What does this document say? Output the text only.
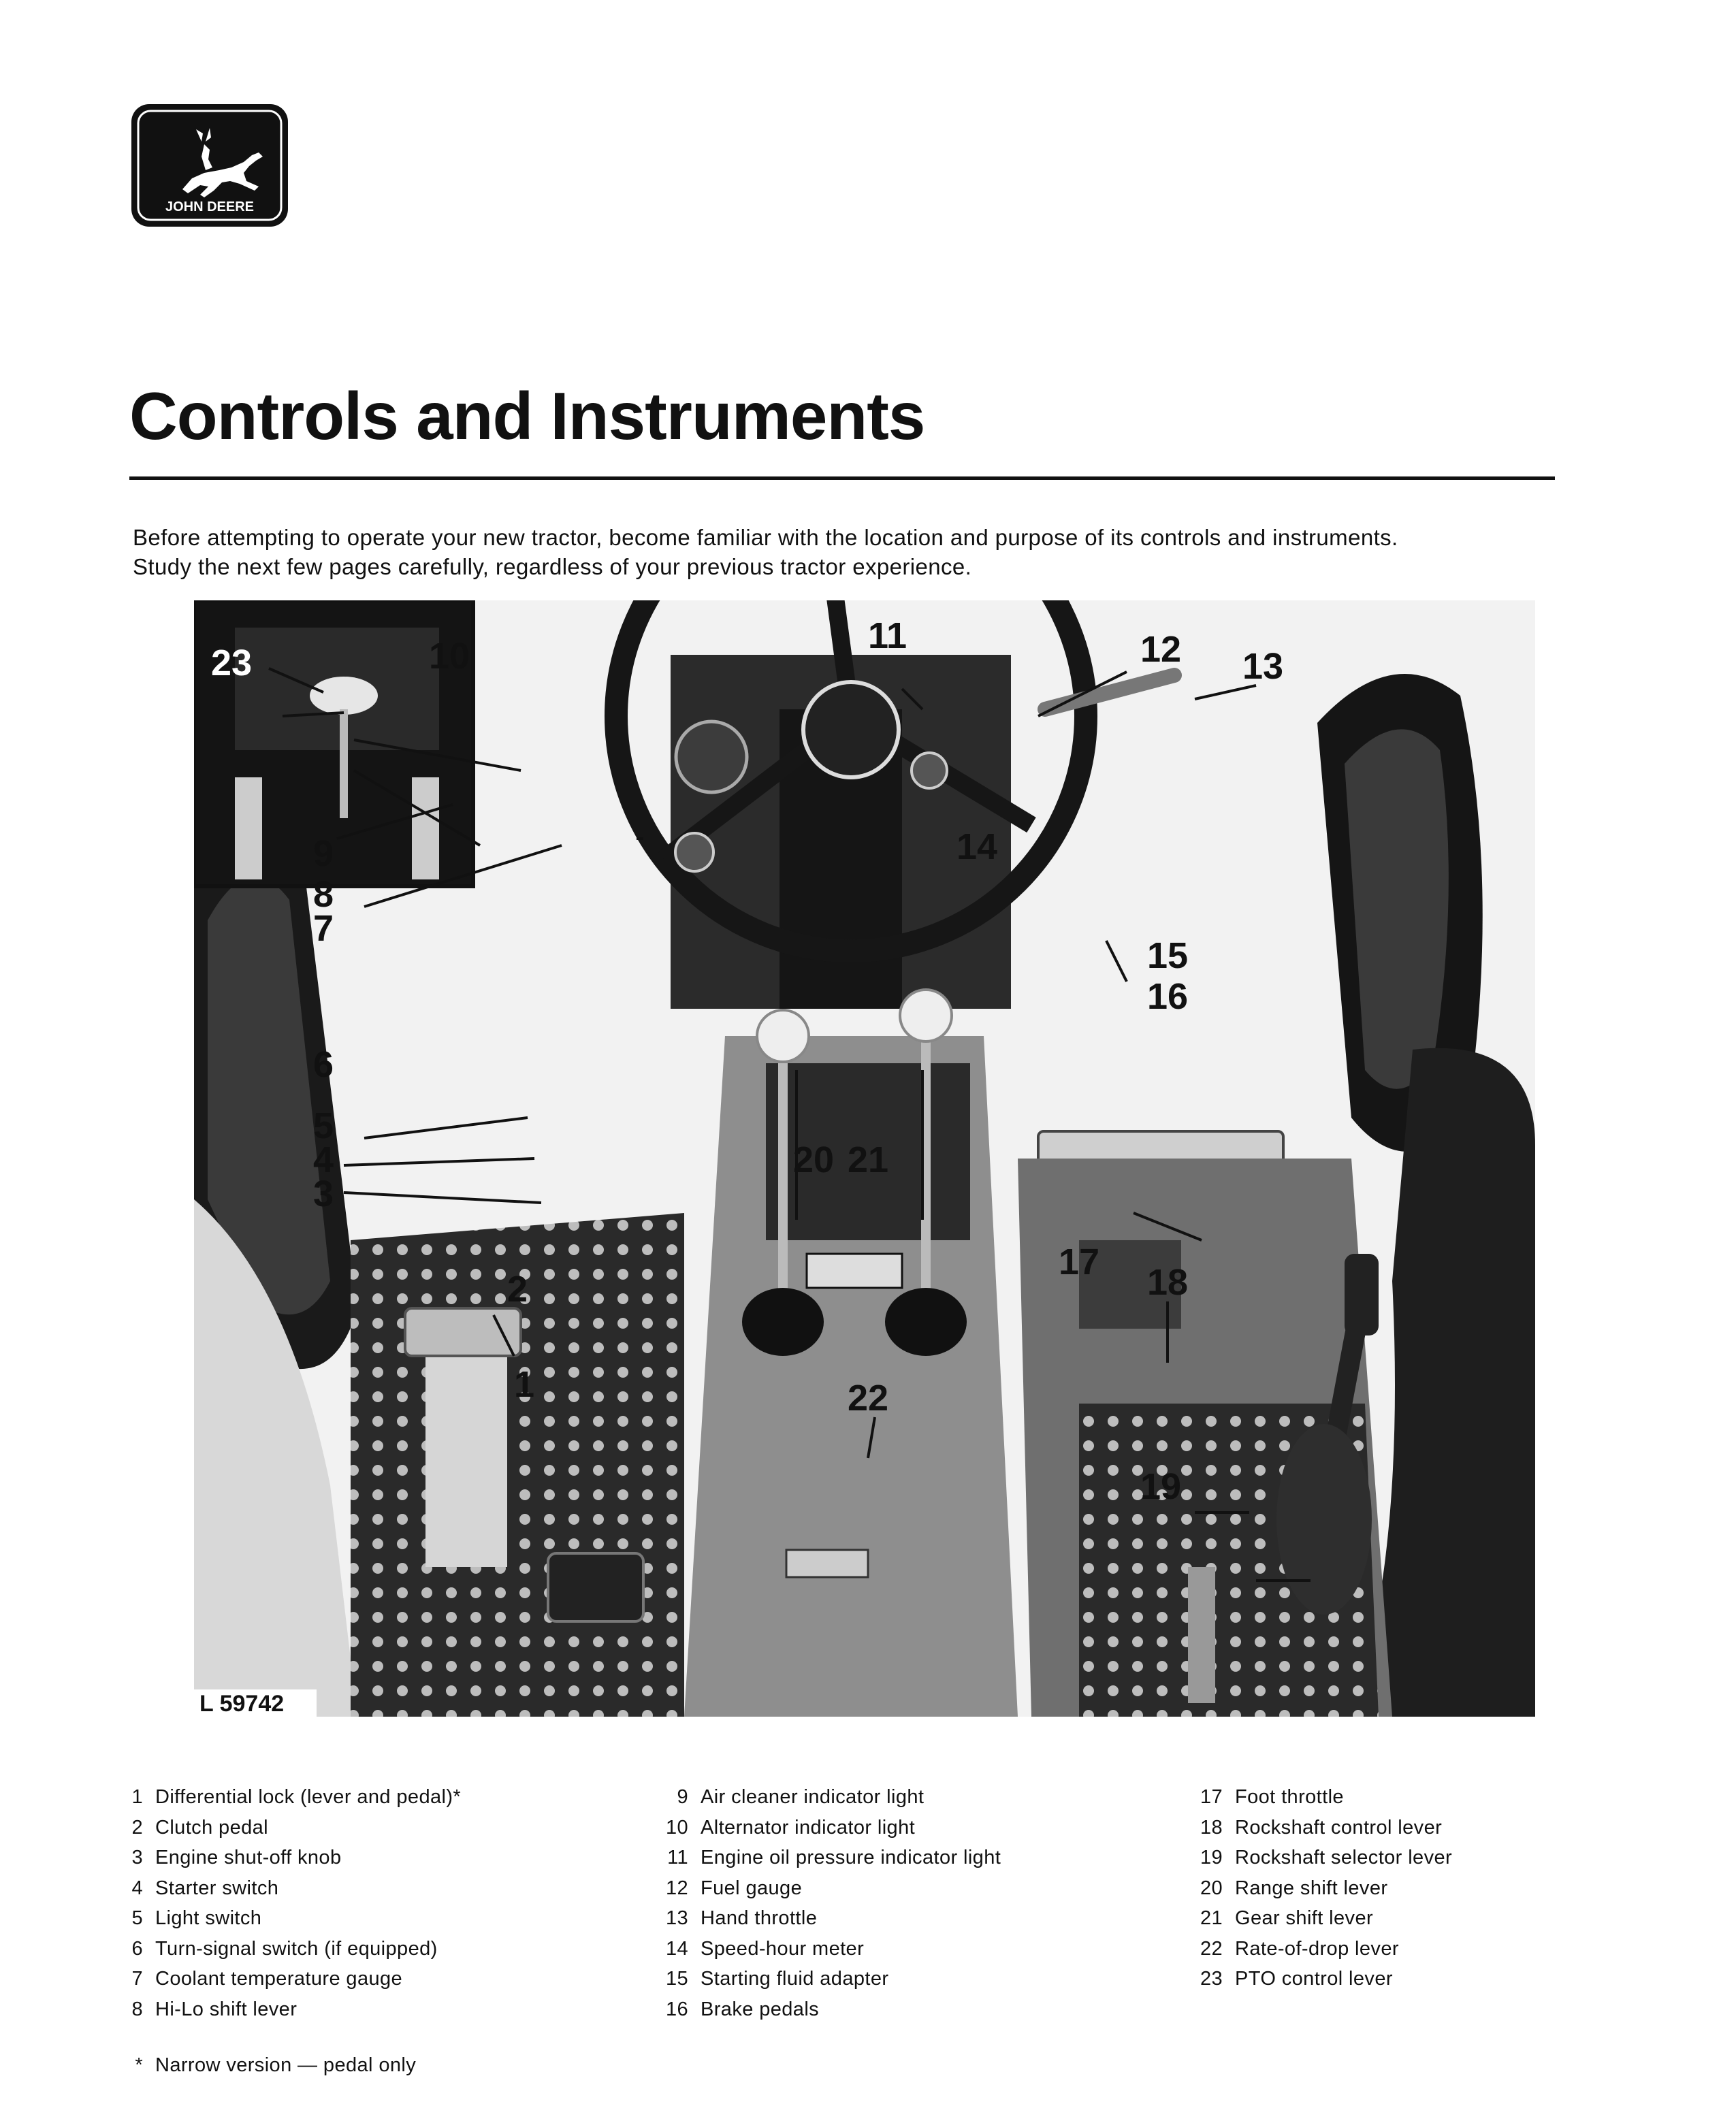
JOHN DEERE
Controls and Instruments

Before attempting to operate your new tractor, become familiar with the location and purpose of its controls and instruments.
Study the next few pages carefully, regardless of your previous tractor experience.

1
2
3
4
5
6
7
8
9
10	11	12 13
14
15
16
17 18
19
20 21
22
23
L 59742
1 Differential lock (lever and pedal)*
2 Clutch pedal
3 Engine shut-off knob
4 Starter switch
5 Light switch
6 Turn-signal switch (if equipped)
7 Coolant temperature gauge
8 Hi-Lo shift lever
9 Air cleaner indicator light
10 Alternator indicator light
11 Engine oil pressure indicator light
12 Fuel gauge
13 Hand throttle
14 Speed-hour meter
15 Starting fluid adapter
16 Brake pedals
17 Foot throttle
18 Rockshaft control lever
19 Rockshaft selector lever
20 Range shift lever
21 Gear shift lever
22 Rate-of-drop lever
23 PTO control lever
* Narrow version — pedal only
